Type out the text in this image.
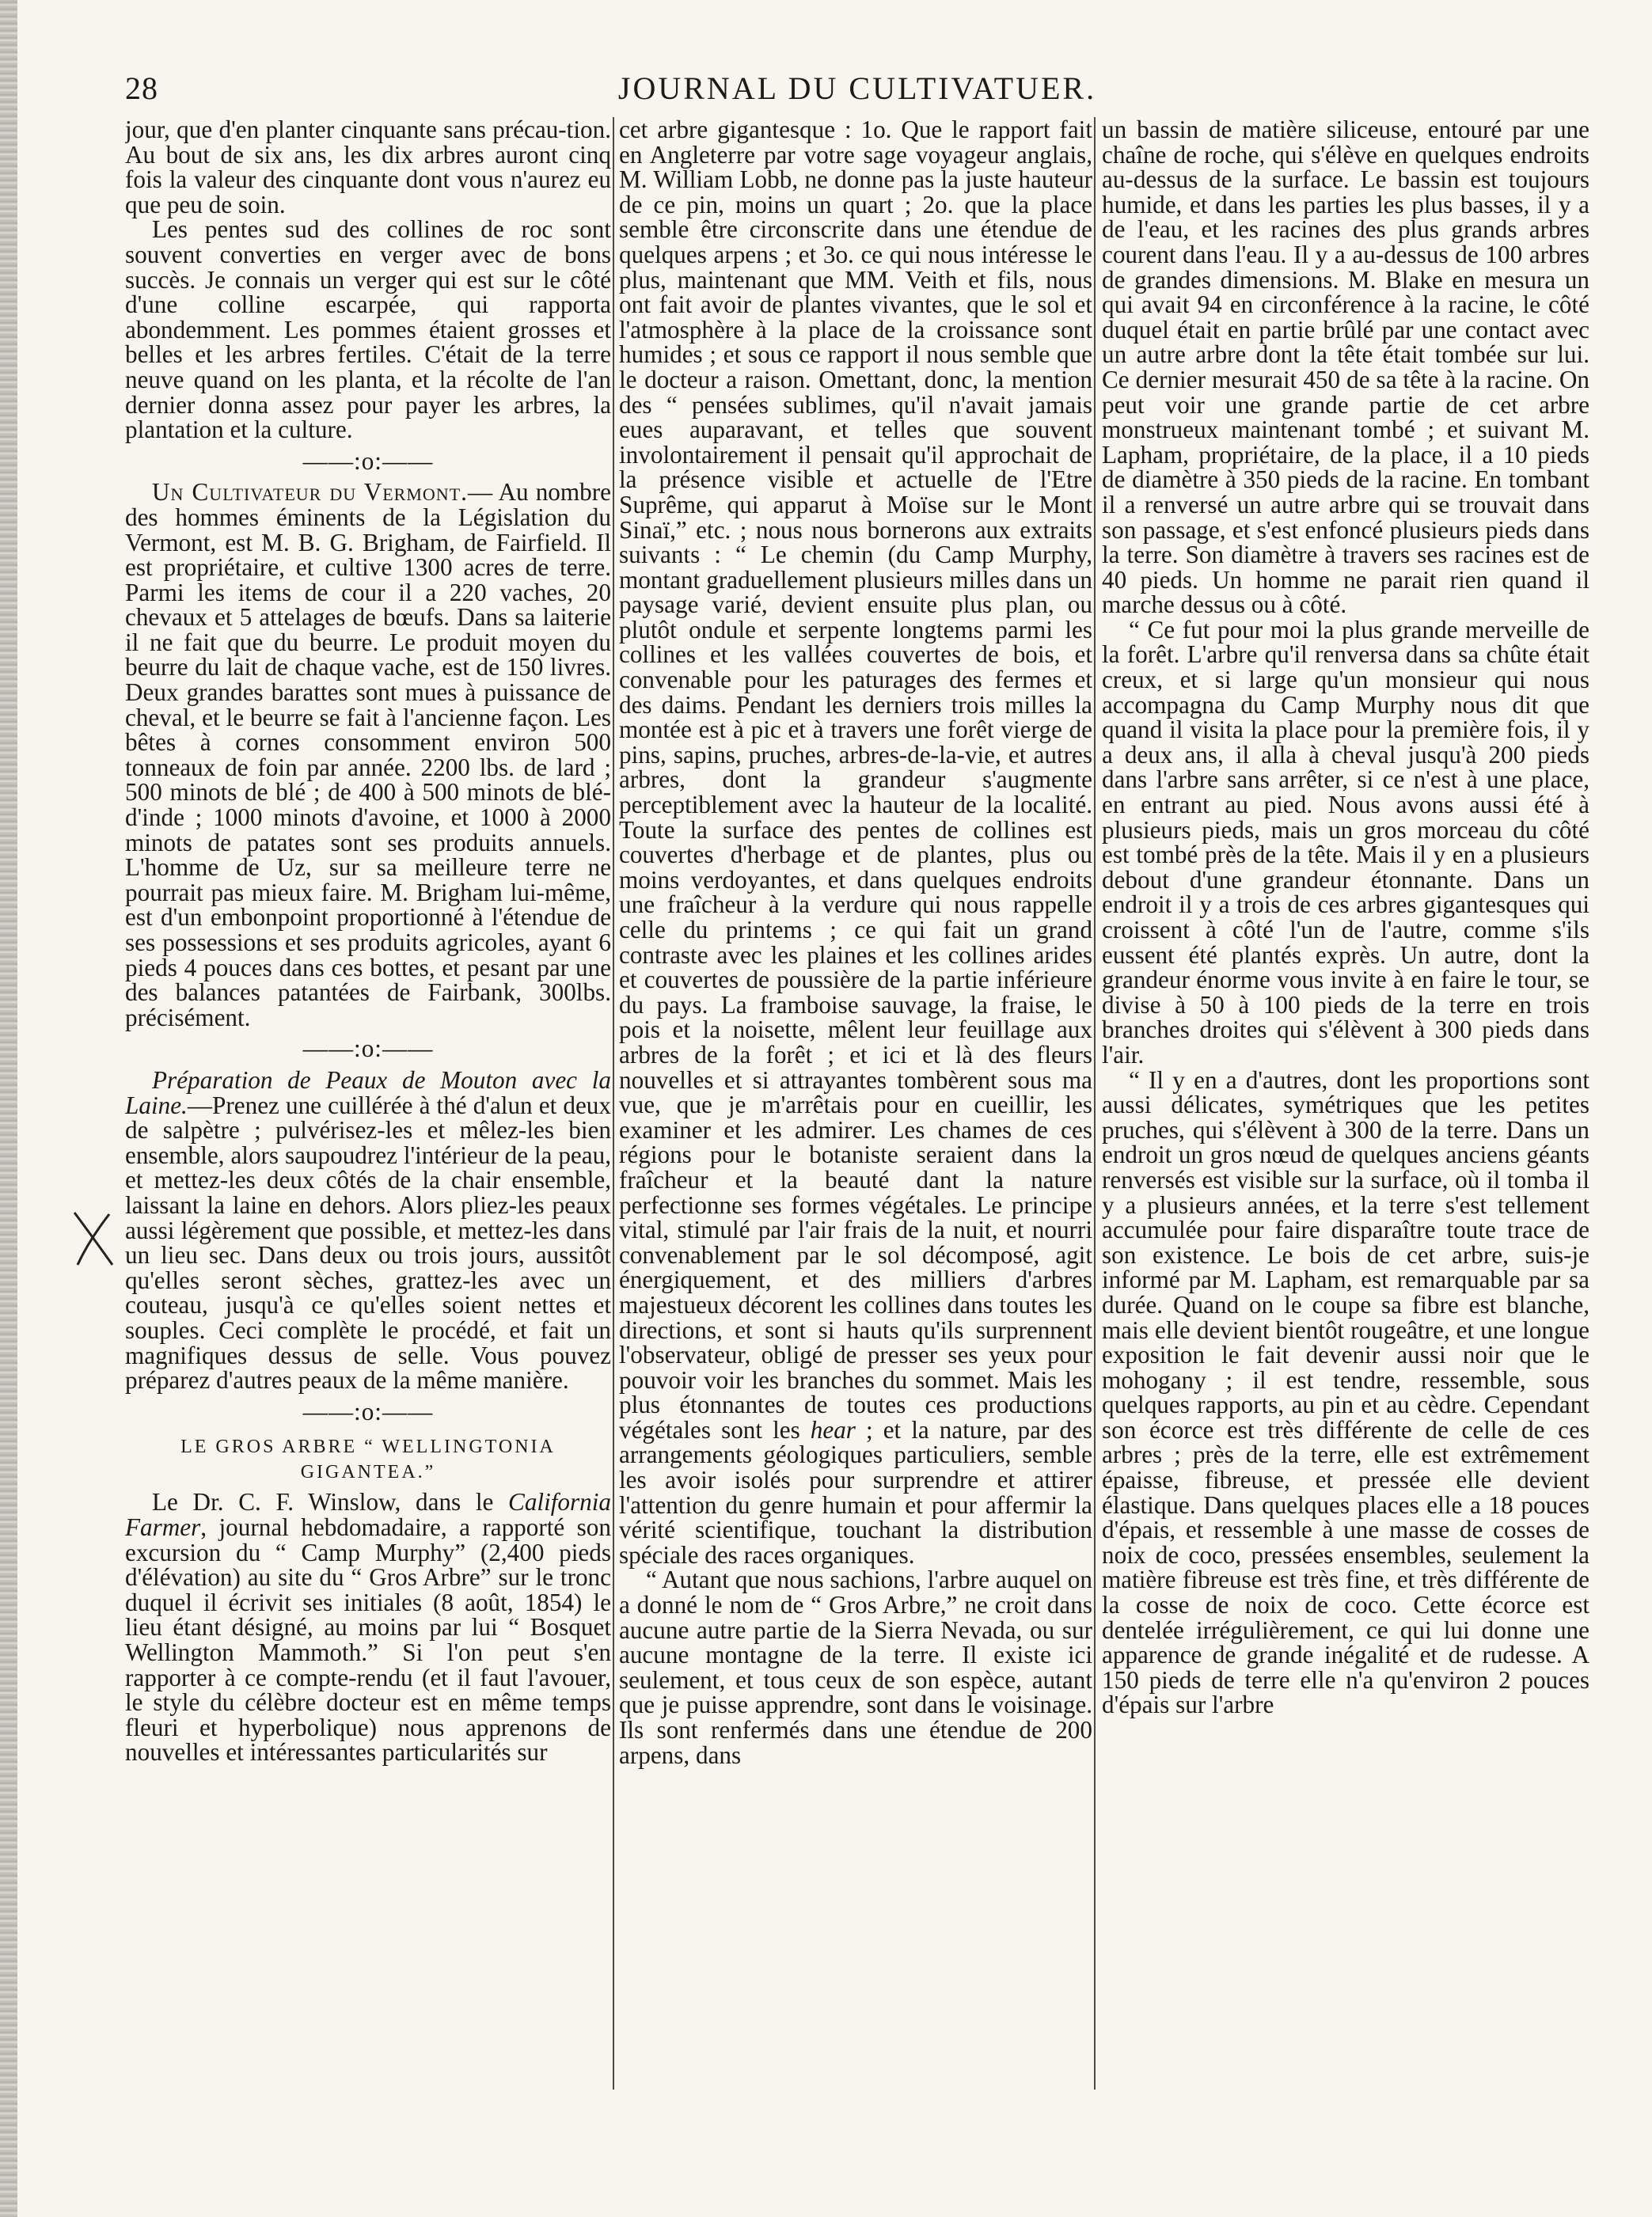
28	JOURNAL DU CULTIVATUER.

jour, que d'en planter cinquante sans précau-tion. Au bout de six ans, les dix arbres auront cinq fois la valeur des cinquante dont vous n'aurez eu que peu de soin.

Les pentes sud des collines de roc sont souvent converties en verger avec de bons succès. Je connais un verger qui est sur le côté d'une colline escarpée, qui rapporta abondemment. Les pommes étaient grosses et belles et les arbres fertiles. C'était de la terre neuve quand on les planta, et la récolte de l'an dernier donna assez pour payer les arbres, la plantation et la culture.

——:o:——

Un Cultivateur du Vermont.— Au nombre des hommes éminents de la Législation du Vermont, est M. B. G. Brigham, de Fairfield. Il est propriétaire, et cultive 1300 acres de terre. Parmi les items de cour il a 220 vaches, 20 chevaux et 5 attelages de bœufs. Dans sa laiterie il ne fait que du beurre. Le produit moyen du beurre du lait de chaque vache, est de 150 livres. Deux grandes barattes sont mues à puissance de cheval, et le beurre se fait à l'ancienne façon. Les bêtes à cornes consomment environ 500 tonneaux de foin par année. 2200 lbs. de lard ; 500 minots de blé ; de 400 à 500 minots de blé-d'inde ; 1000 minots d'avoine, et 1000 à 2000 minots de patates sont ses produits annuels. L'homme de Uz, sur sa meilleure terre ne pourrait pas mieux faire. M. Brigham lui-même, est d'un embonpoint proportionné à l'étendue de ses possessions et ses produits agricoles, ayant 6 pieds 4 pouces dans ces bottes, et pesant par une des balances patantées de Fairbank, 300lbs. précisément.

——:o:——

Préparation de Peaux de Mouton avec la Laine.—Prenez une cuillérée à thé d'alun et deux de salpètre ; pulvérisez-les et mêlez-les bien ensemble, alors saupoudrez l'intérieur de la peau, et mettez-les deux côtés de la chair ensemble, laissant la laine en dehors. Alors pliez-les peaux aussi légèrement que possible, et mettez-les dans un lieu sec. Dans deux ou trois jours, aussitôt qu'elles seront sèches, grattez-les avec un couteau, jusqu'à ce qu'elles soient nettes et souples. Ceci complète le procédé, et fait un magnifiques dessus de selle. Vous pouvez préparez d'autres peaux de la même manière.

——:o:——
LE GROS ARBRE “ WELLINGTONIA GIGANTEA.”

Le Dr. C. F. Winslow, dans le California Farmer, journal hebdomadaire, a rapporté son excursion du “ Camp Murphy” (2,400 pieds d'élévation) au site du “ Gros Arbre” sur le tronc duquel il écrivit ses initiales (8 août, 1854) le lieu étant désigné, au moins par lui “ Bosquet Wellington Mammoth.” Si l'on peut s'en rapporter à ce compte-rendu (et il faut l'avouer, le style du célèbre docteur est en même temps fleuri et hyperbolique) nous apprenons de nouvelles et intéressantes particularités sur

cet arbre gigantesque : 1o. Que le rapport fait en Angleterre par votre sage voyageur anglais, M. William Lobb, ne donne pas la juste hauteur de ce pin, moins un quart ; 2o. que la place semble être circonscrite dans une étendue de quelques arpens ; et 3o. ce qui nous intéresse le plus, maintenant que MM. Veith et fils, nous ont fait avoir de plantes vivantes, que le sol et l'atmosphère à la place de la croissance sont humides ; et sous ce rapport il nous semble que le docteur a raison. Omettant, donc, la mention des “ pensées sublimes, qu'il n'avait jamais eues auparavant, et telles que souvent involontairement il pensait qu'il approchait de la présence visible et actuelle de l'Etre Suprême, qui apparut à Moïse sur le Mont Sinaï,” etc. ; nous nous bornerons aux extraits suivants : “ Le chemin (du Camp Murphy, montant graduellement plusieurs milles dans un paysage varié, devient ensuite plus plan, ou plutôt ondule et serpente longtems parmi les collines et les vallées couvertes de bois, et convenable pour les paturages des fermes et des daims. Pendant les derniers trois milles la montée est à pic et à travers une forêt vierge de pins, sapins, pruches, arbres-de-la-vie, et autres arbres, dont la grandeur s'augmente perceptiblement avec la hauteur de la localité. Toute la surface des pentes de collines est couvertes d'herbage et de plantes, plus ou moins verdoyantes, et dans quelques endroits une fraîcheur à la verdure qui nous rappelle celle du printems ; ce qui fait un grand contraste avec les plaines et les collines arides et couvertes de poussière de la partie inférieure du pays. La framboise sauvage, la fraise, le pois et la noisette, mêlent leur feuillage aux arbres de la forêt ; et ici et là des fleurs nouvelles et si attrayantes tombèrent sous ma vue, que je m'arrêtais pour en cueillir, les examiner et les admirer. Les chames de ces régions pour le botaniste seraient dans la fraîcheur et la beauté dant la nature perfectionne ses formes végétales. Le principe vital, stimulé par l'air frais de la nuit, et nourri convenablement par le sol décomposé, agit énergiquement, et des milliers d'arbres majestueux décorent les collines dans toutes les directions, et sont si hauts qu'ils surprennent l'observateur, obligé de presser ses yeux pour pouvoir voir les branches du sommet. Mais les plus étonnantes de toutes ces productions végétales sont les hear ; et la nature, par des arrangements géologiques particuliers, semble les avoir isolés pour surprendre et attirer l'attention du genre humain et pour affermir la vérité scientifique, touchant la distribution spéciale des races organiques.

“ Autant que nous sachions, l'arbre auquel on a donné le nom de “ Gros Arbre,” ne croit dans aucune autre partie de la Sierra Nevada, ou sur aucune montagne de la terre. Il existe ici seulement, et tous ceux de son espèce, autant que je puisse apprendre, sont dans le voisinage. Ils sont renfermés dans une étendue de 200 arpens, dans

un bassin de matière siliceuse, entouré par une chaîne de roche, qui s'élève en quelques endroits au-dessus de la surface. Le bassin est toujours humide, et dans les parties les plus basses, il y a de l'eau, et les racines des plus grands arbres courent dans l'eau. Il y a au-dessus de 100 arbres de grandes dimensions. M. Blake en mesura un qui avait 94 en circonférence à la racine, le côté duquel était en partie brûlé par une contact avec un autre arbre dont la tête était tombée sur lui. Ce dernier mesurait 450 de sa tête à la racine. On peut voir une grande partie de cet arbre monstrueux maintenant tombé ; et suivant M. Lapham, propriétaire, de la place, il a 10 pieds de diamètre à 350 pieds de la racine. En tombant il a renversé un autre arbre qui se trouvait dans son passage, et s'est enfoncé plusieurs pieds dans la terre. Son diamètre à travers ses racines est de 40 pieds. Un homme ne parait rien quand il marche dessus ou à côté.

“ Ce fut pour moi la plus grande merveille de la forêt. L'arbre qu'il renversa dans sa chûte était creux, et si large qu'un monsieur qui nous accompagna du Camp Murphy nous dit que quand il visita la place pour la première fois, il y a deux ans, il alla à cheval jusqu'à 200 pieds dans l'arbre sans arrêter, si ce n'est à une place, en entrant au pied. Nous avons aussi été à plusieurs pieds, mais un gros morceau du côté est tombé près de la tête. Mais il y en a plusieurs debout d'une grandeur étonnante. Dans un endroit il y a trois de ces arbres gigantesques qui croissent à côté l'un de l'autre, comme s'ils eussent été plantés exprès. Un autre, dont la grandeur énorme vous invite à en faire le tour, se divise à 50 à 100 pieds de la terre en trois branches droites qui s'élèvent à 300 pieds dans l'air.

“ Il y en a d'autres, dont les proportions sont aussi délicates, symétriques que les petites pruches, qui s'élèvent à 300 de la terre. Dans un endroit un gros nœud de quelques anciens géants renversés est visible sur la surface, où il tomba il y a plusieurs années, et la terre s'est tellement accumulée pour faire disparaître toute trace de son existence. Le bois de cet arbre, suis-je informé par M. Lapham, est remarquable par sa durée. Quand on le coupe sa fibre est blanche, mais elle devient bientôt rougeâtre, et une longue exposition le fait devenir aussi noir que le mohogany ; il est tendre, ressemble, sous quelques rapports, au pin et au cèdre. Cependant son écorce est très différente de celle de ces arbres ; près de la terre, elle est extrêmement épaisse, fibreuse, et pressée elle devient élastique. Dans quelques places elle a 18 pouces d'épais, et ressemble à une masse de cosses de noix de coco, pressées ensembles, seulement la matière fibreuse est très fine, et très différente de la cosse de noix de coco. Cette écorce est dentelée irrégulièrement, ce qui lui donne une apparence de grande inégalité et de rudesse. A 150 pieds de terre elle n'a qu'environ 2 pouces d'épais sur l'arbre
